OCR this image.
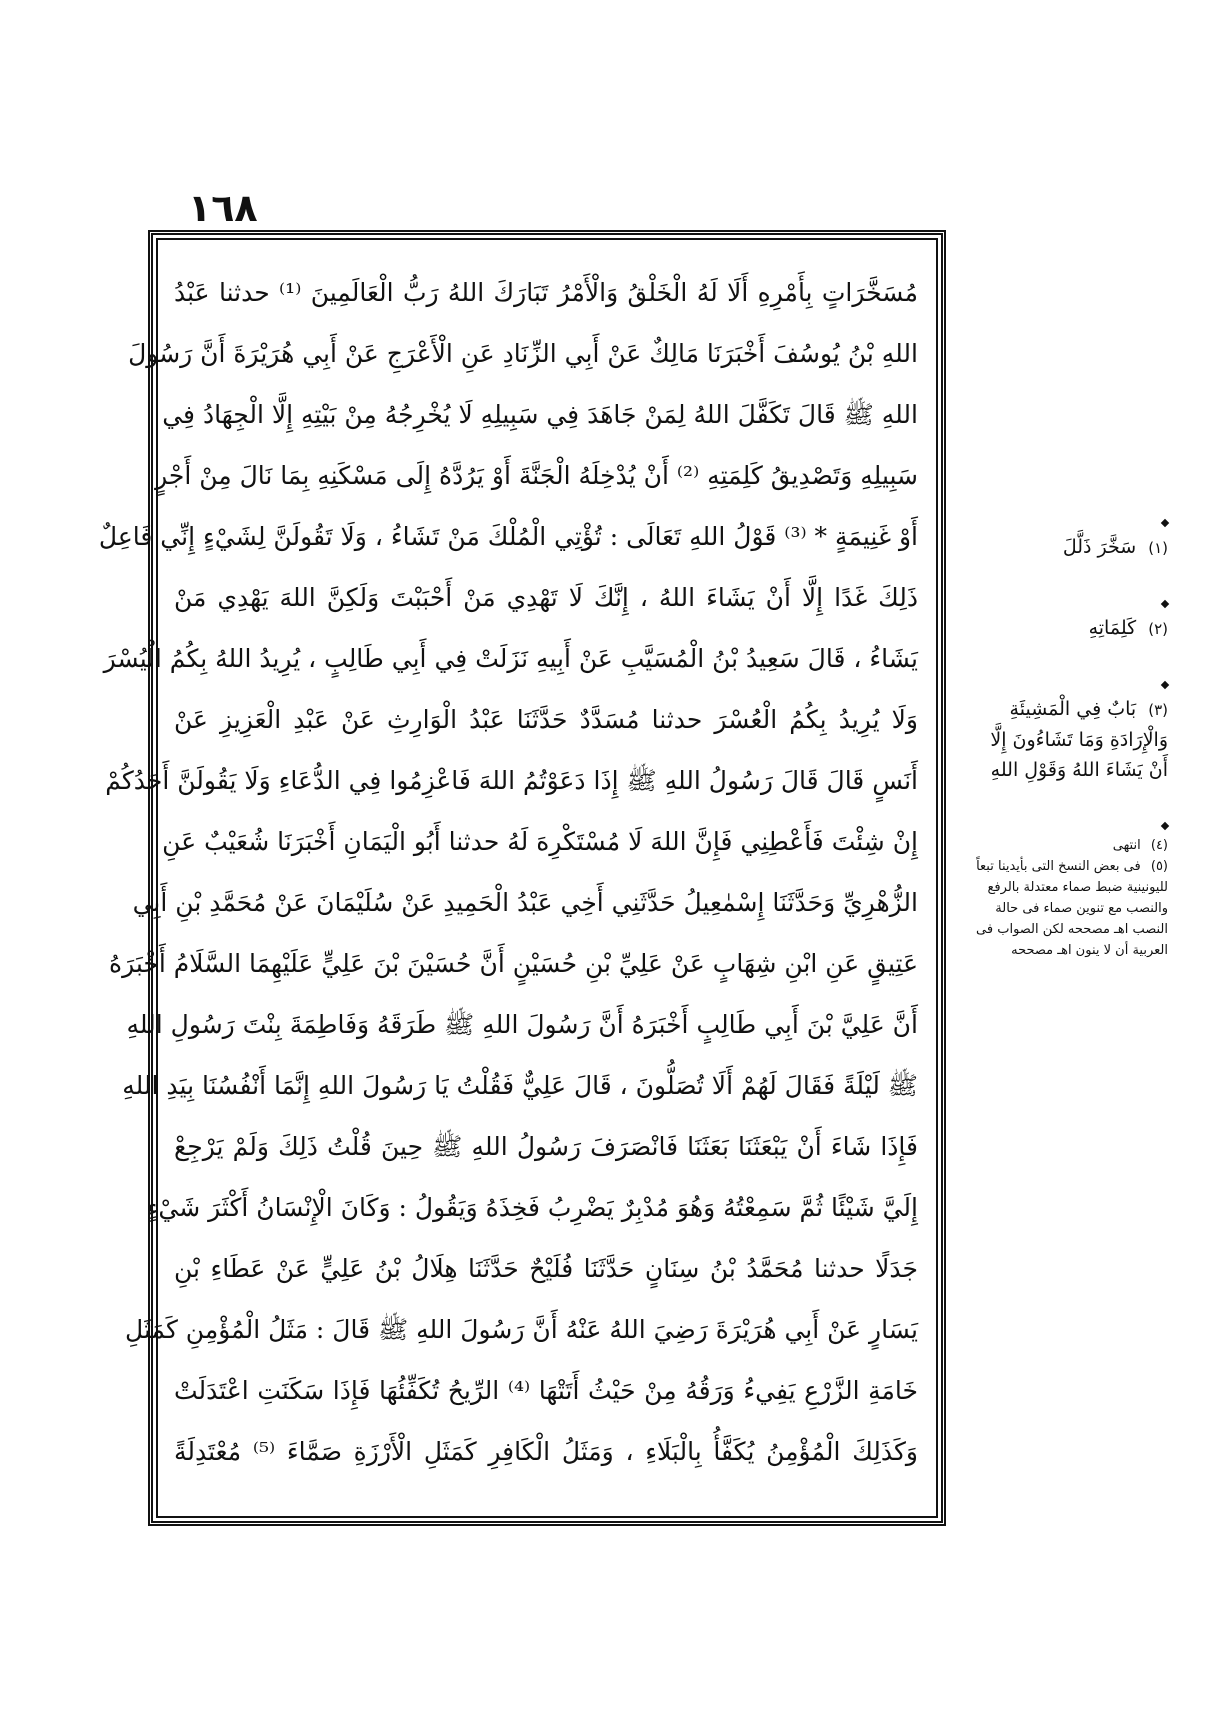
١٦٨
مُسَخَّرَاتٍ بِأَمْرِهِ أَلَا لَهُ الْخَلْقُ وَالْأَمْرُ تَبَارَكَ اللهُ رَبُّ الْعَالَمِينَ ⁽¹⁾ حدثنا عَبْدُ
اللهِ بْنُ يُوسُفَ أَخْبَرَنَا مَالِكٌ عَنْ أَبِي الزِّنَادِ عَنِ الْأَعْرَجِ عَنْ أَبِي هُرَيْرَةَ أَنَّ رَسُولَ
اللهِ ﷺ قَالَ تَكَفَّلَ اللهُ لِمَنْ جَاهَدَ فِي سَبِيلِهِ لَا يُخْرِجُهُ مِنْ بَيْتِهِ إِلَّا الْجِهَادُ فِي
سَبِيلِهِ وَتَصْدِيقُ كَلِمَتِهِ ⁽²⁾ أَنْ يُدْخِلَهُ الْجَنَّةَ أَوْ يَرُدَّهُ إِلَى مَسْكَنِهِ بِمَا نَالَ مِنْ أَجْرٍ
أَوْ غَنِيمَةٍ * ⁽³⁾ قَوْلُ اللهِ تَعَالَى : تُؤْتِي الْمُلْكَ مَنْ تَشَاءُ ، وَلَا تَقُولَنَّ لِشَيْءٍ إِنِّي فَاعِلٌ
ذَلِكَ غَدًا إِلَّا أَنْ يَشَاءَ اللهُ ، إِنَّكَ لَا تَهْدِي مَنْ أَحْبَبْتَ وَلَكِنَّ اللهَ يَهْدِي مَنْ
يَشَاءُ ، قَالَ سَعِيدُ بْنُ الْمُسَيَّبِ عَنْ أَبِيهِ نَزَلَتْ فِي أَبِي طَالِبٍ ، يُرِيدُ اللهُ بِكُمُ الْيُسْرَ
وَلَا يُرِيدُ بِكُمُ الْعُسْرَ حدثنا مُسَدَّدٌ حَدَّثَنَا عَبْدُ الْوَارِثِ عَنْ عَبْدِ الْعَزِيزِ عَنْ
أَنَسٍ قَالَ قَالَ رَسُولُ اللهِ ﷺ إِذَا دَعَوْتُمُ اللهَ فَاعْزِمُوا فِي الدُّعَاءِ وَلَا يَقُولَنَّ أَحَدُكُمْ
إِنْ شِئْتَ فَأَعْطِنِي فَإِنَّ اللهَ لَا مُسْتَكْرِهَ لَهُ حدثنا أَبُو الْيَمَانِ أَخْبَرَنَا شُعَيْبٌ عَنِ
الزُّهْرِيِّ وَحَدَّثَنَا إِسْمٰعِيلُ حَدَّثَنِي أَخِي عَبْدُ الْحَمِيدِ عَنْ سُلَيْمَانَ عَنْ مُحَمَّدِ بْنِ أَبِي
عَتِيقٍ عَنِ ابْنِ شِهَابٍ عَنْ عَلِيِّ بْنِ حُسَيْنٍ أَنَّ حُسَيْنَ بْنَ عَلِيٍّ عَلَيْهِمَا السَّلَامُ أَخْبَرَهُ
أَنَّ عَلِيَّ بْنَ أَبِي طَالِبٍ أَخْبَرَهُ أَنَّ رَسُولَ اللهِ ﷺ طَرَقَهُ وَفَاطِمَةَ بِنْتَ رَسُولِ اللهِ
ﷺ لَيْلَةً فَقَالَ لَهُمْ أَلَا تُصَلُّونَ ، قَالَ عَلِيٌّ فَقُلْتُ يَا رَسُولَ اللهِ إِنَّمَا أَنْفُسُنَا بِيَدِ اللهِ
فَإِذَا شَاءَ أَنْ يَبْعَثَنَا بَعَثَنَا فَانْصَرَفَ رَسُولُ اللهِ ﷺ حِينَ قُلْتُ ذَلِكَ وَلَمْ يَرْجِعْ
إِلَيَّ شَيْئًا ثُمَّ سَمِعْتُهُ وَهُوَ مُدْبِرٌ يَضْرِبُ فَخِذَهُ وَيَقُولُ : وَكَانَ الْإِنْسَانُ أَكْثَرَ شَيْءٍ
جَدَلًا حدثنا مُحَمَّدُ بْنُ سِنَانٍ حَدَّثَنَا فُلَيْحٌ حَدَّثَنَا هِلَالُ بْنُ عَلِيٍّ عَنْ عَطَاءِ بْنِ
يَسَارٍ عَنْ أَبِي هُرَيْرَةَ رَضِيَ اللهُ عَنْهُ أَنَّ رَسُولَ اللهِ ﷺ قَالَ : مَثَلُ الْمُؤْمِنِ كَمَثَلِ
خَامَةِ الزَّرْعِ يَفِيءُ وَرَقُهُ مِنْ حَيْثُ أَتَتْهَا ⁽⁴⁾ الرِّيحُ تُكَفِّئُهَا فَإِذَا سَكَنَتِ اعْتَدَلَتْ
وَكَذَلِكَ الْمُؤْمِنُ يُكَفَّأُ بِالْبَلَاءِ ، وَمَثَلُ الْكَافِرِ كَمَثَلِ الْأَرْزَةِ صَمَّاءَ ⁽⁵⁾ مُعْتَدِلَةً
(١) سَخَّرَ ذَلَّلَ
(٢) كَلِمَاتِهِ
(٣) بَابٌ فِي الْمَشِيئَةِ وَالْإِرَادَةِ وَمَا تَشَاءُونَ إِلَّا أَنْ يَشَاءَ اللهُ وَقَوْلِ اللهِ
(٤) انتهى
(٥) فى بعض النسخ التى بأيدينا تبعاً لليونينية ضبط صماء معتدلة بالرفع والنصب مع تنوين صماء فى حالة النصب اهـ مصححه لكن الصواب فى العربية أن لا ينون اهـ مصححه
